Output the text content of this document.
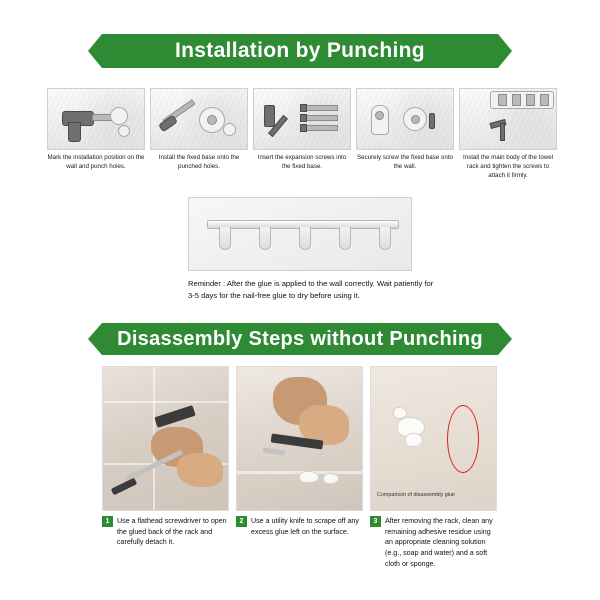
Installation by Punching
Mark the installation position on the wall and punch holes.
Install the fixed base onto the punched holes.
Insert the expansion screws into the fixed base.
Securely screw the fixed base onto the wall.
Install the main body of the towel rack and tighten the screws to attach it firmly.
Reminder : After the glue is applied to the wall correctly. Wait patiently for 3-5 days for the nail-free glue to dry before using it.
Disassembly Steps without Punching
1	Use a flathead screwdriver to open the glued back of the rack and carefully detach it.
2	Use a utility knife to scrape off any excess glue left on the surface.
Comparison of disassembly glue
3	After removing the rack, clean any remaining adhesive residue using an appropriate cleaning solution (e.g., soap and water) and a soft cloth or sponge.
